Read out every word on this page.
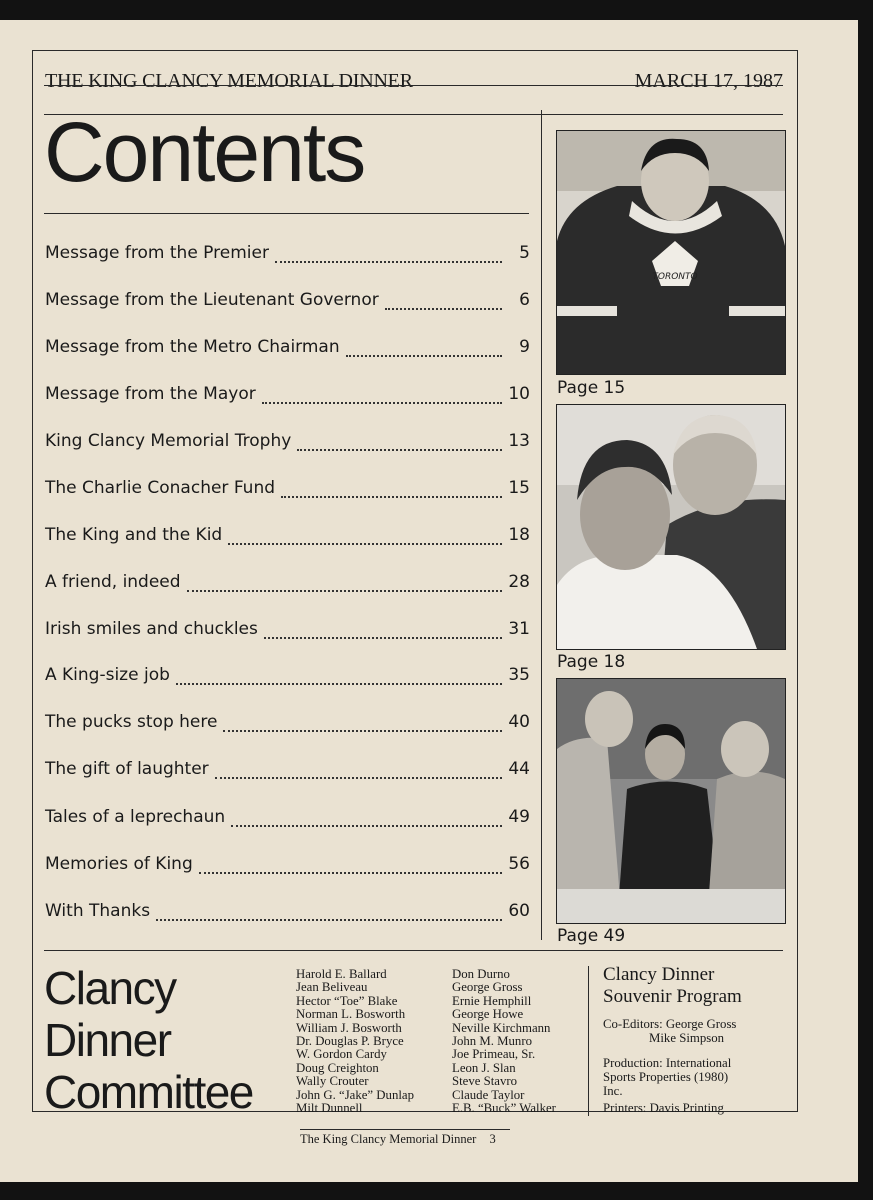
THE KING CLANCY MEMORIAL DINNER	MARCH 17, 1987
Contents
Message from the Premier	5
Message from the Lieutenant Governor	6
Message from the Metro Chairman	9
Message from the Mayor	10
King Clancy Memorial Trophy	13
The Charlie Conacher Fund	15
The King and the Kid	18
A friend, indeed	28
Irish smiles and chuckles	31
A King-size job	35
The pucks stop here	40
The gift of laughter	44
Tales of a leprechaun	49
Memories of King	56
With Thanks	60
TORONTO
Page 15
Page 18
Page 49
Clancy
Dinner
Committee
Harold E. Ballard
Jean Beliveau
Hector “Toe” Blake
Norman L. Bosworth
William J. Bosworth
Dr. Douglas P. Bryce
W. Gordon Cardy
Doug Creighton
Wally Crouter
John G. “Jake” Dunlap
Milt Dunnell
Don Durno
George Gross
Ernie Hemphill
George Howe
Neville Kirchmann
John M. Munro
Joe Primeau, Sr.
Leon J. Slan
Steve Stavro
Claude Taylor
E.B. “Buck” Walker
Clancy Dinner
Souvenir Program
Co-Editors: George Gross
Mike Simpson
Production: International
Sports Properties (1980)
Inc.
Printers: Davis Printing
The King Clancy Memorial Dinner 3
